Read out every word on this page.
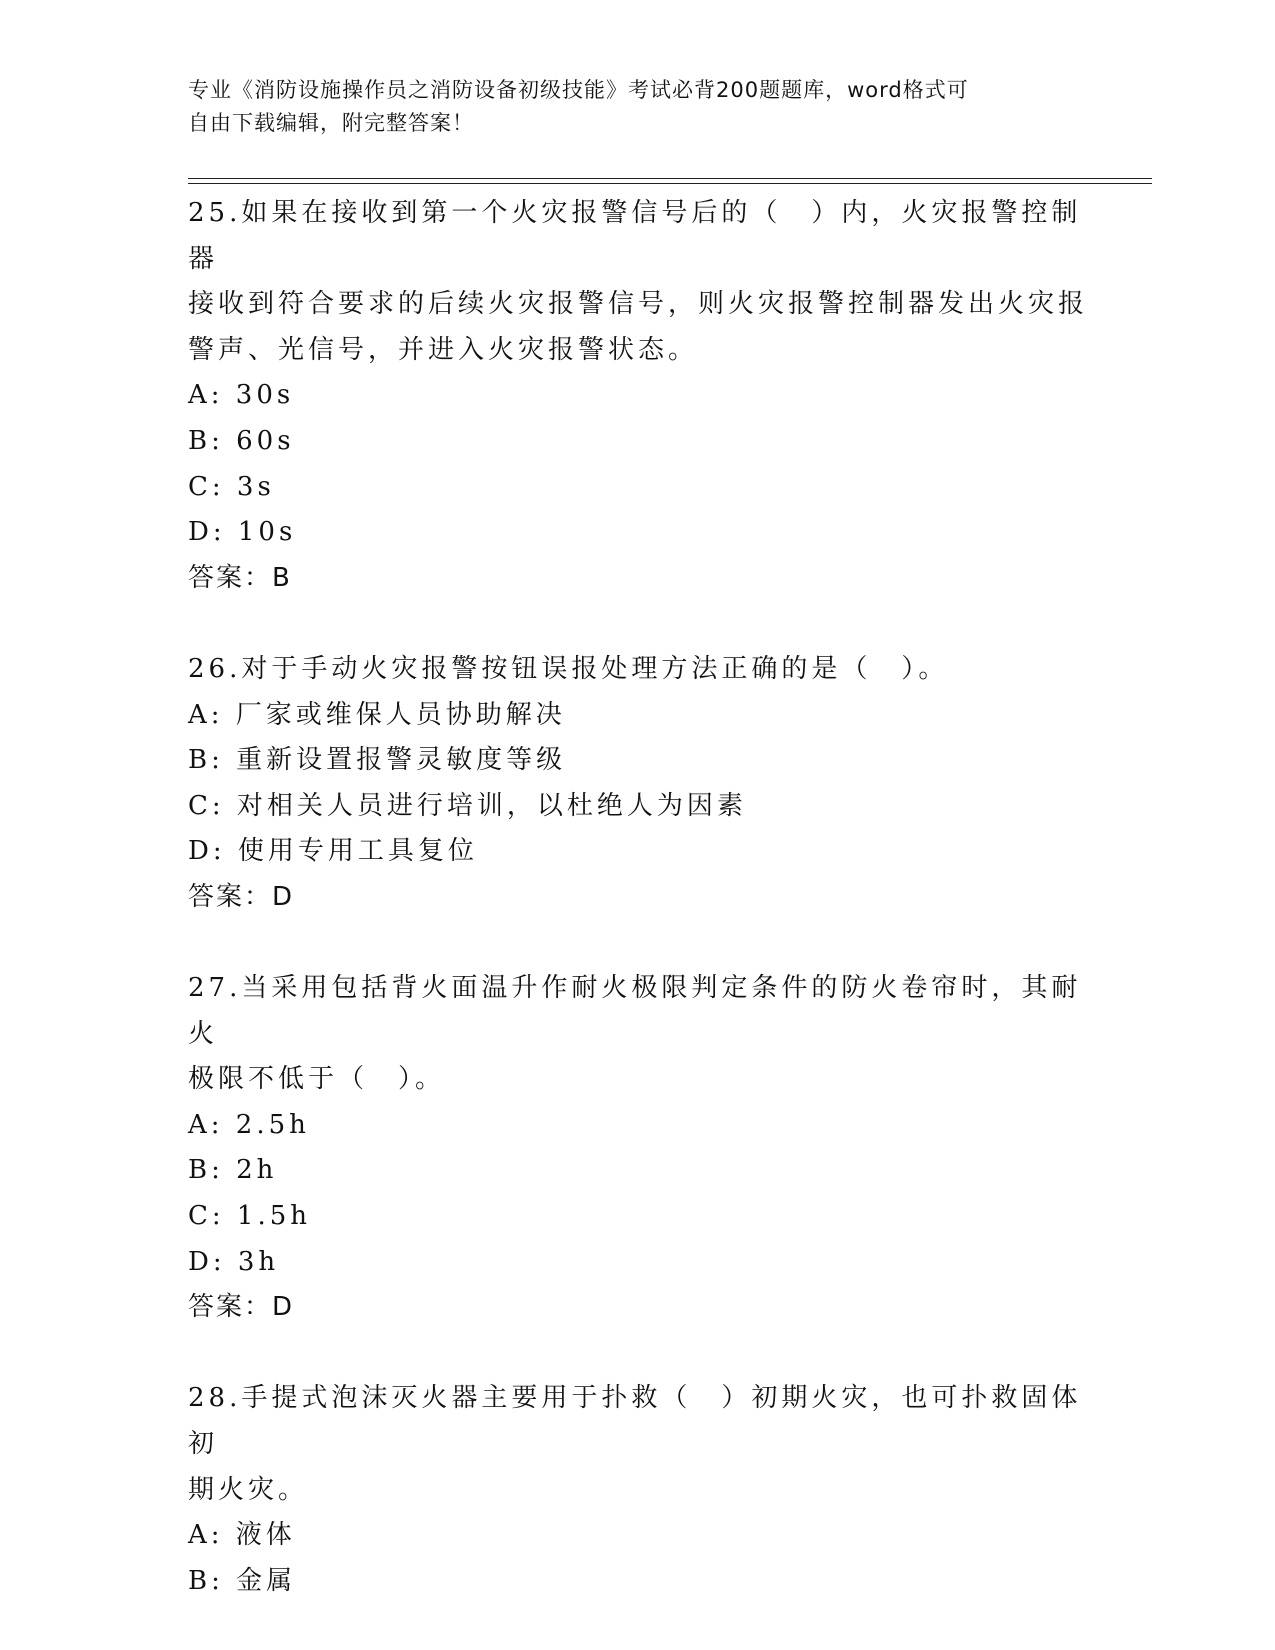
专业《消防设施操作员之消防设备初级技能》考试必背200题题库，word格式可
自由下载编辑，附完整答案！
25.如果在接收到第一个火灾报警信号后的（　）内，火灾报警控制器
接收到符合要求的后续火灾报警信号，则火灾报警控制器发出火灾报
警声、光信号，并进入火灾报警状态。
A: 30s
B: 60s
C: 3s
D: 10s
答案：B
26.对于手动火灾报警按钮误报处理方法正确的是（　）。
A: 厂家或维保人员协助解决
B: 重新设置报警灵敏度等级
C: 对相关人员进行培训，以杜绝人为因素
D: 使用专用工具复位
答案：D
27.当采用包括背火面温升作耐火极限判定条件的防火卷帘时，其耐火
极限不低于（　）。
A: 2.5h
B: 2h
C: 1.5h
D: 3h
答案：D
28.手提式泡沫灭火器主要用于扑救（　）初期火灾，也可扑救固体初
期火灾。
A: 液体
B: 金属
